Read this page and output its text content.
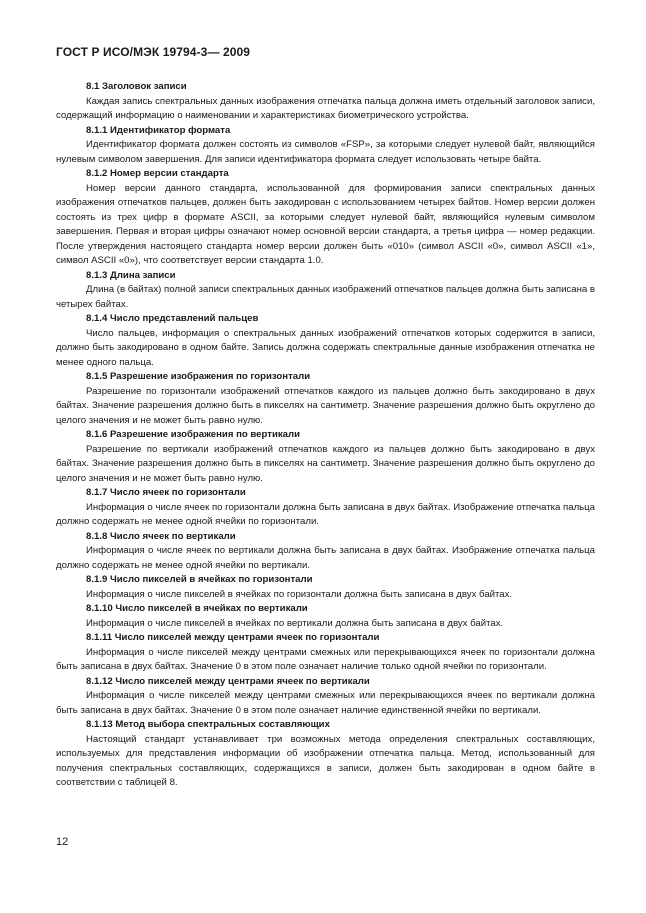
ГОСТ Р ИСО/МЭК 19794-3— 2009
8.1 Заголовок записи
Каждая запись спектральных данных изображения отпечатка пальца должна иметь отдельный заголовок записи, содержащий информацию о наименовании и характеристиках биометрического устройства.
8.1.1 Идентификатор формата
Идентификатор формата должен состоять из символов «FSP», за которыми следует нулевой байт, являющийся нулевым символом завершения. Для записи идентификатора формата следует использовать четыре байта.
8.1.2 Номер версии стандарта
Номер версии данного стандарта, использованной для формирования записи спектральных данных изображения отпечатков пальцев, должен быть закодирован с использованием четырех байтов. Номер версии должен состоять из трех цифр в формате ASCII, за которыми следует нулевой байт, являющийся нулевым символом завершения. Первая и вторая цифры означают номер основной версии стандарта, а третья цифра — номер редакции. После утверждения настоящего стандарта номер версии должен быть «010» (символ ASCII «0», символ ASCII «1», символ ASCII «0»), что соответствует версии стандарта 1.0.
8.1.3 Длина записи
Длина (в байтах) полной записи спектральных данных изображений отпечатков пальцев должна быть записана в четырех байтах.
8.1.4 Число представлений пальцев
Число пальцев, информация о спектральных данных изображений отпечатков которых содержится в записи, должно быть закодировано в одном байте. Запись должна содержать спектральные данные изображения отпечатка не менее одного пальца.
8.1.5 Разрешение изображения по горизонтали
Разрешение по горизонтали изображений отпечатков каждого из пальцев должно быть закодировано в двух байтах. Значение разрешения должно быть в пикселях на сантиметр. Значение разрешения должно быть округлено до целого значения и не может быть равно нулю.
8.1.6 Разрешение изображения по вертикали
Разрешение по вертикали изображений отпечатков каждого из пальцев должно быть закодировано в двух байтах. Значение разрешения должно быть в пикселях на сантиметр. Значение разрешения должно быть округлено до целого значения и не может быть равно нулю.
8.1.7 Число ячеек по горизонтали
Информация о числе ячеек по горизонтали должна быть записана в двух байтах. Изображение отпечатка пальца должно содержать не менее одной ячейки по горизонтали.
8.1.8 Число ячеек по вертикали
Информация о числе ячеек по вертикали должна быть записана в двух байтах. Изображение отпечатка пальца должно содержать не менее одной ячейки по вертикали.
8.1.9 Число пикселей в ячейках по горизонтали
Информация о числе пикселей в ячейках по горизонтали должна быть записана в двух байтах.
8.1.10 Число пикселей в ячейках по вертикали
Информация о числе пикселей в ячейках по вертикали должна быть записана в двух байтах.
8.1.11 Число пикселей между центрами ячеек по горизонтали
Информация о числе пикселей между центрами смежных или перекрывающихся ячеек по горизонтали должна быть записана в двух байтах. Значение 0 в этом поле означает наличие только одной ячейки по горизонтали.
8.1.12 Число пикселей между центрами ячеек по вертикали
Информация о числе пикселей между центрами смежных или перекрывающихся ячеек по вертикали должна быть записана в двух байтах. Значение 0 в этом поле означает наличие единственной ячейки по вертикали.
8.1.13 Метод выбора спектральных составляющих
Настоящий стандарт устанавливает три возможных метода определения спектральных составляющих, используемых для представления информации об изображении отпечатка пальца. Метод, использованный для получения спектральных составляющих, содержащихся в записи, должен быть закодирован в одном байте в соответствии с таблицей 8.
12
